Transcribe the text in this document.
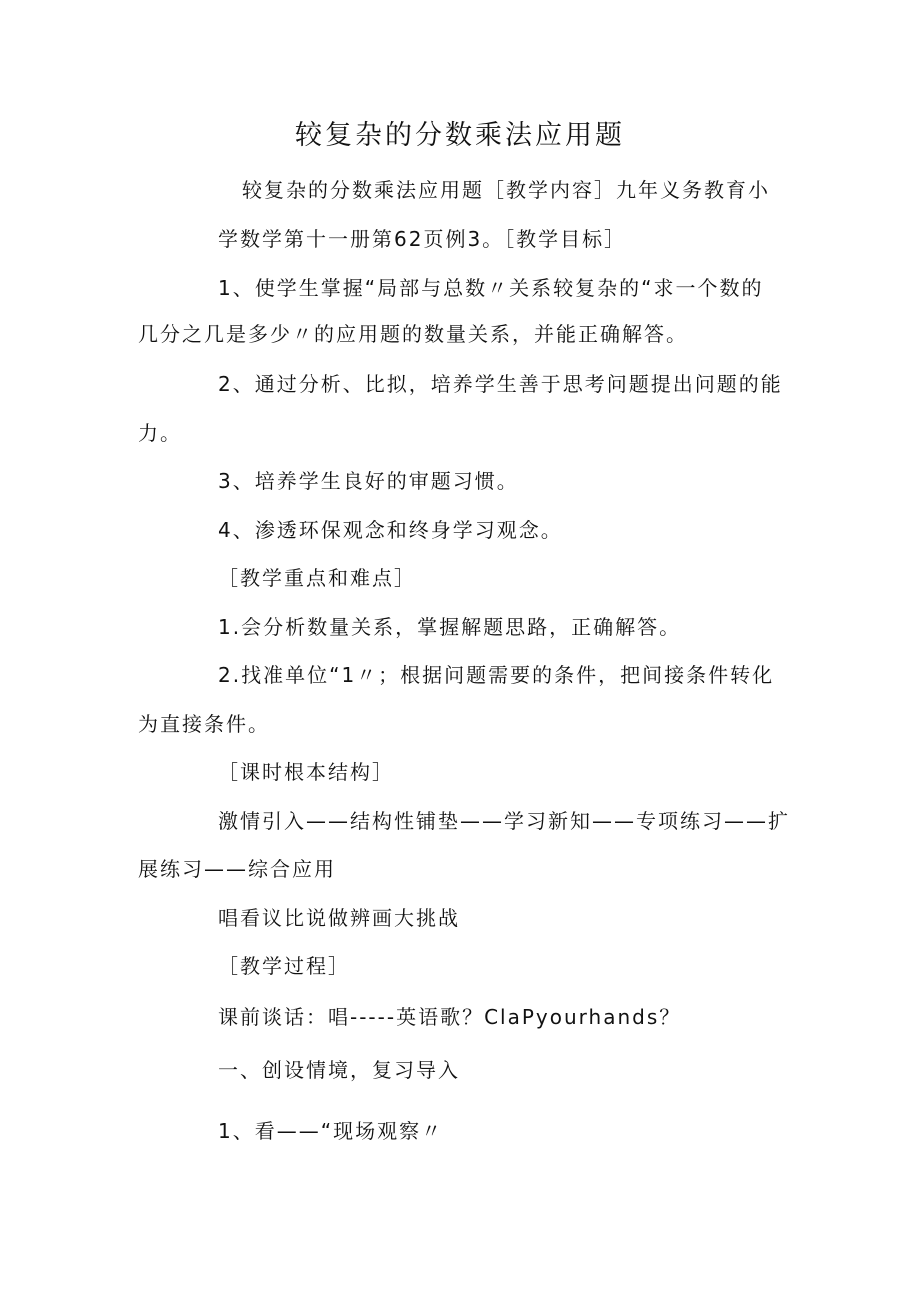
较复杂的分数乘法应用题

较复杂的分数乘法应用题［教学内容］九年义务教育小

学数学第十一册第62页例3。［教学目标］

1、使学生掌握“局部与总数〃关系较复杂的“求一个数的

几分之几是多少〃的应用题的数量关系，并能正确解答。

2、通过分析、比拟，培养学生善于思考问题提出问题的能

力。

3、培养学生良好的审题习惯。

4、渗透环保观念和终身学习观念。

［教学重点和难点］

1.会分析数量关系，掌握解题思路，正确解答。

2.找准单位“1〃；根据问题需要的条件，把间接条件转化

为直接条件。

［课时根本结构］

激情引入——结构性铺垫——学习新知——专项练习——扩

展练习——综合应用

唱看议比说做辨画大挑战

［教学过程］

课前谈话：唱-----英语歌？ClaPyourhands？

一、创设情境，复习导入

1、看——“现场观察〃
